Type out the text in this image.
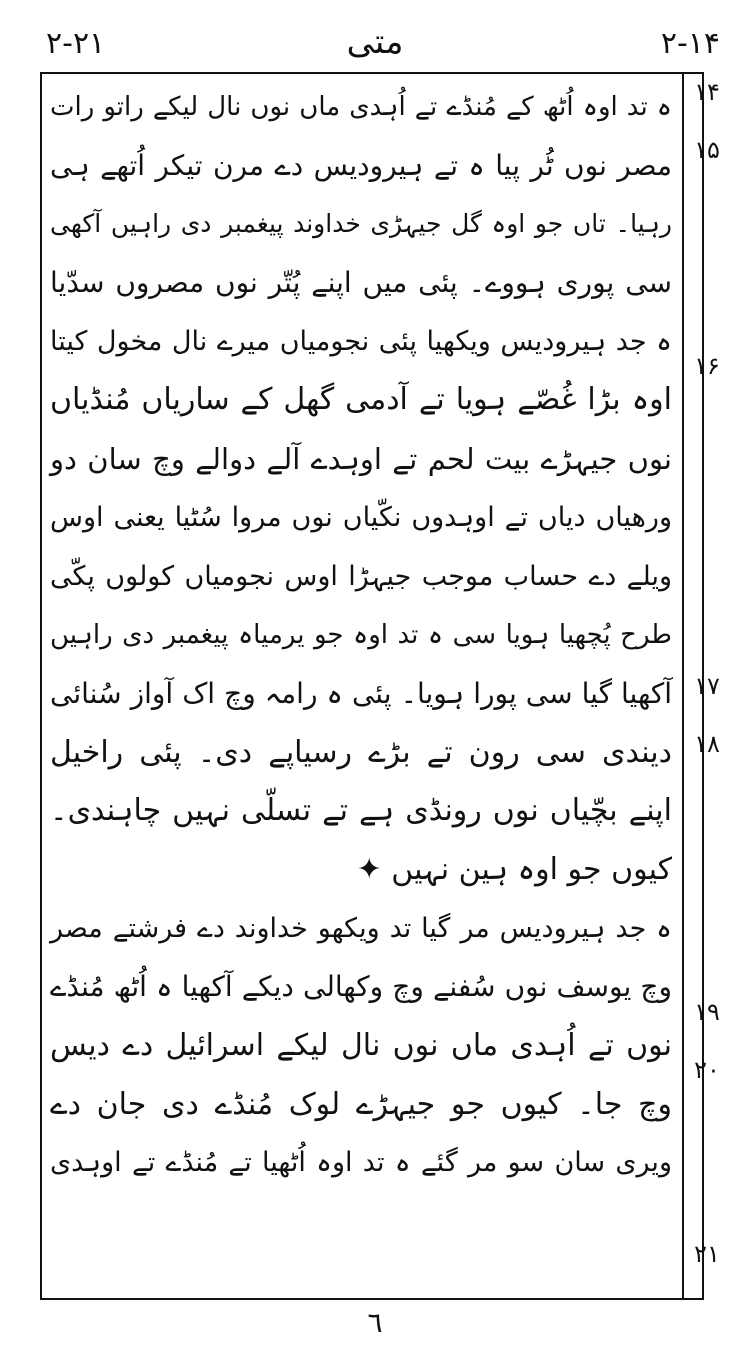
۲-۲۱	متی	۲-۱۴
۱۴
۱۵
۱۶
۱۷
۱۸
۱۹
۲۰
۲۱
ہ تد اوہ اُٹھ کے مُنڈے تے اُہدی ماں نوں نال لیکے راتو رات
مصر نوں ٹُر پیا ہ تے ہیرودیس دے مرن تیکر اُتھے ہی
رہیا۔ تاں جو اوہ گل جیہڑی خداوند پیغمبر دی راہیں آکھی
سی پوری ہووے۔ پئی میں اپنے پُتّر نوں مصروں سدّیا
ہ جد ہیرودیس ویکھیا پئی نجومیاں میرے نال مخول کیتا
اوہ بڑا غُصّے ہویا تے آدمی گھل کے ساریاں مُنڈیاں
نوں جیہڑے بیت لحم تے اوہدے آلے دوالے وچ سان دو
ورھیاں دیاں تے اوہدوں نکّیاں نوں مروا سُٹیا یعنی اوس
ویلے دے حساب موجب جیہڑا اوس نجومیاں کولوں پکّی
طرح پُچھیا ہویا سی ہ تد اوہ جو یرمیاہ پیغمبر دی راہیں
آکھیا گیا سی پورا ہویا۔ پئی ہ رامہ وچ اک آواز سُنائی
دیندی سی رون تے بڑے رسیاپے دی۔ پئی راخیل
اپنے بچّیاں نوں رونڈی ہے تے تسلّی نہیں چاہندی۔
کیوں جو اوہ ہین نہیں ✦
ہ جد ہیرودیس مر گیا تد ویکھو خداوند دے فرشتے مصر
وچ یوسف نوں سُفنے وچ وکھالی دیکے آکھیا ہ اُٹھ مُنڈے
نوں تے اُہدی ماں نوں نال لیکے اسرائیل دے دیس
وچ جا۔ کیوں جو جیہڑے لوک مُنڈے دی جان دے
ویری سان سو مر گئے ہ تد اوہ اُٹھیا تے مُنڈے تے اوہدی
٦
